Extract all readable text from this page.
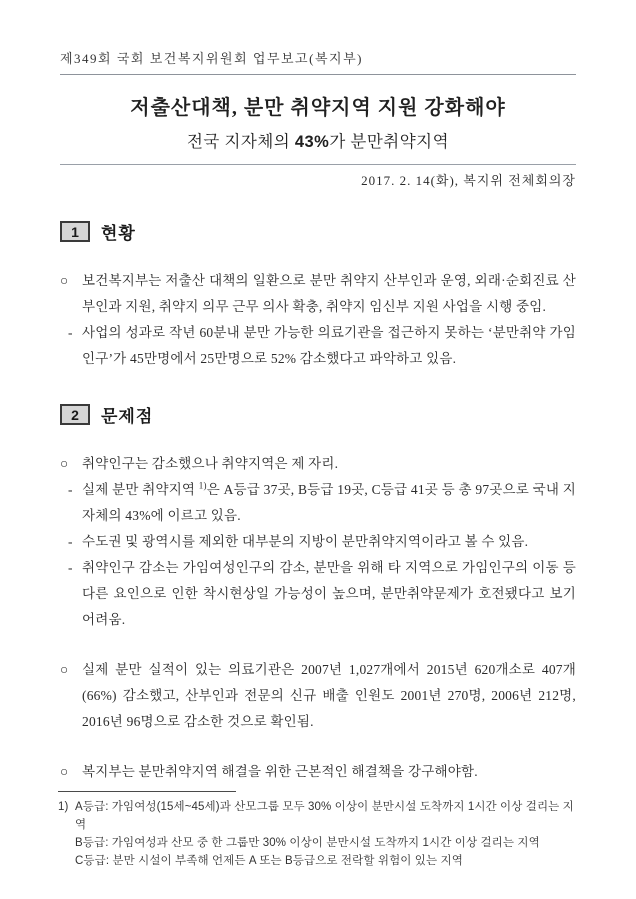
제349회 국회 보건복지위원회 업무보고(복지부)
저출산대책, 분만 취약지역 지원 강화해야
전국 지자체의 43%가 분만취약지역
2017. 2. 14(화), 복지위 전체회의장
1	현황
○ 보건복지부는 저출산 대책의 일환으로 분만 취약지 산부인과 운영, 외래·순회진료 산부인과 지원, 취약지 의무 근무 의사 확충, 취약지 임신부 지원 사업을 시행 중임.
- 사업의 성과로 작년 60분내 분만 가능한 의료기관을 접근하지 못하는 ‘분만취약 가임인구’가 45만명에서 25만명으로 52% 감소했다고 파악하고 있음.
2	문제점
○ 취약인구는 감소했으나 취약지역은 제 자리.
- 실제 분만 취약지역 $^{1)}$은 A등급 37곳, B등급 19곳, C등급 41곳 등 총 97곳으로 국내 지자체의 43%에 이르고 있음.
- 수도권 및 광역시를 제외한 대부분의 지방이 분만취약지역이라고 볼 수 있음.
- 취약인구 감소는 가임여성인구의 감소, 분만을 위해 타 지역으로 가임인구의 이동 등 다른 요인으로 인한 착시현상일 가능성이 높으며, 분만취약문제가 호전됐다고 보기 어려움.
○ 실제 분만 실적이 있는 의료기관은 2007년 1,027개에서 2015년 620개소로 407개(66%) 감소했고, 산부인과 전문의 신규 배출 인원도 2001년 270명, 2006년 212명, 2016년 96명으로 감소한 것으로 확인됨.
○ 복지부는 분만취약지역 해결을 위한 근본적인 해결책을 강구해야함.
1) A등급: 가임여성(15세~45세)과 산모그룹 모두 30% 이상이 분만시설 도착까지 1시간 이상 걸리는 지역
B등급: 가임여성과 산모 중 한 그룹만 30% 이상이 분만시설 도착까지 1시간 이상 걸리는 지역
C등급: 분만 시설이 부족해 언제든 A 또는 B등급으로 전락할 위험이 있는 지역
